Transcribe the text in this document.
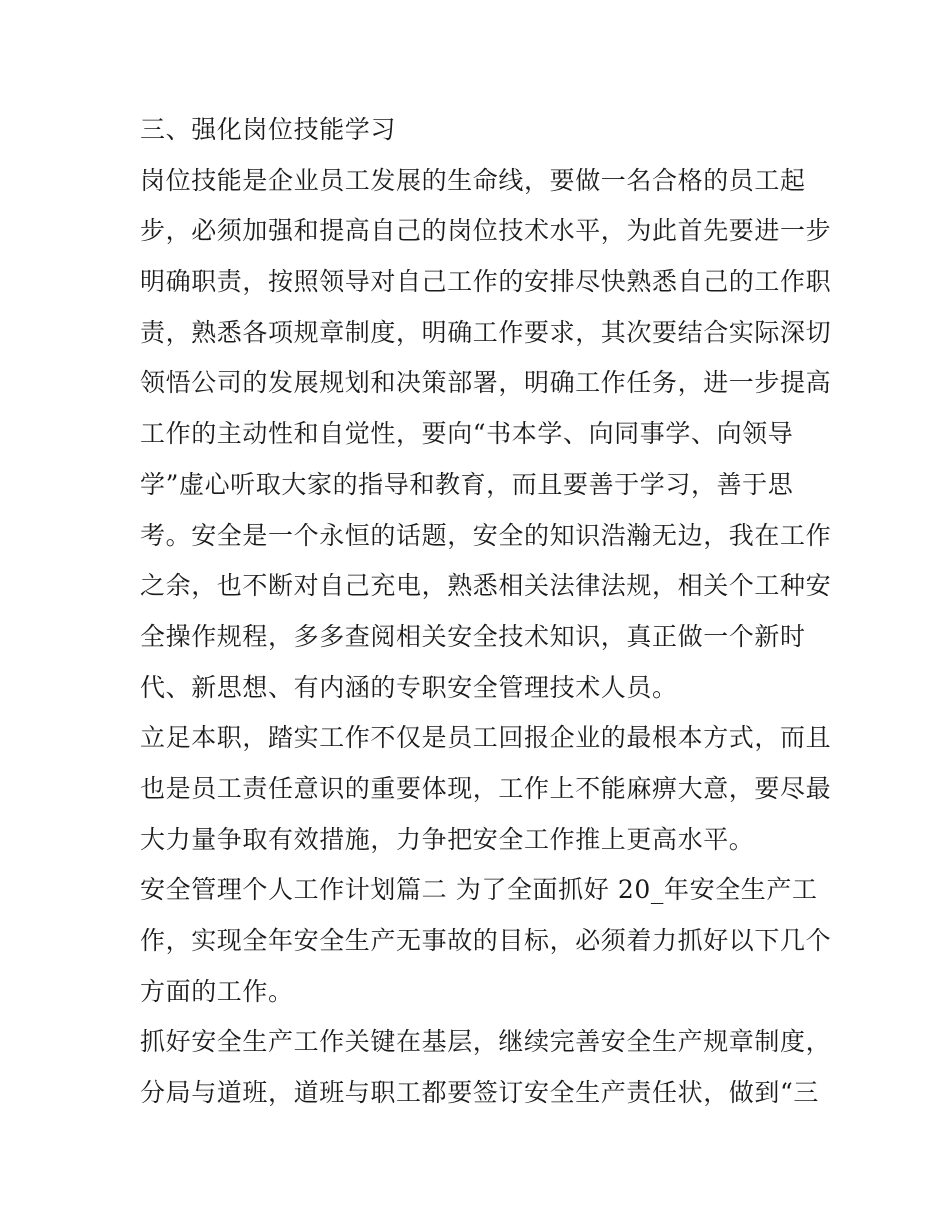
三、强化岗位技能学习
岗位技能是企业员工发展的生命线，要做一名合格的员工起
步，必须加强和提高自己的岗位技术水平，为此首先要进一步
明确职责，按照领导对自己工作的安排尽快熟悉自己的工作职
责，熟悉各项规章制度，明确工作要求，其次要结合实际深切
领悟公司的发展规划和决策部署，明确工作任务，进一步提高
工作的主动性和自觉性，要向“书本学、向同事学、向领导
学”虚心听取大家的指导和教育，而且要善于学习，善于思
考。安全是一个永恒的话题，安全的知识浩瀚无边，我在工作
之余，也不断对自己充电，熟悉相关法律法规，相关个工种安
全操作规程，多多查阅相关安全技术知识，真正做一个新时
代、新思想、有内涵的专职安全管理技术人员。
立足本职，踏实工作不仅是员工回报企业的最根本方式，而且
也是员工责任意识的重要体现，工作上不能麻痹大意，要尽最
大力量争取有效措施，力争把安全工作推上更高水平。
安全管理个人工作计划篇二 为了全面抓好 20_年安全生产工
作，实现全年安全生产无事故的目标，必须着力抓好以下几个
方面的工作。
抓好安全生产工作关键在基层，继续完善安全生产规章制度，
分局与道班，道班与职工都要签订安全生产责任状，做到“三
